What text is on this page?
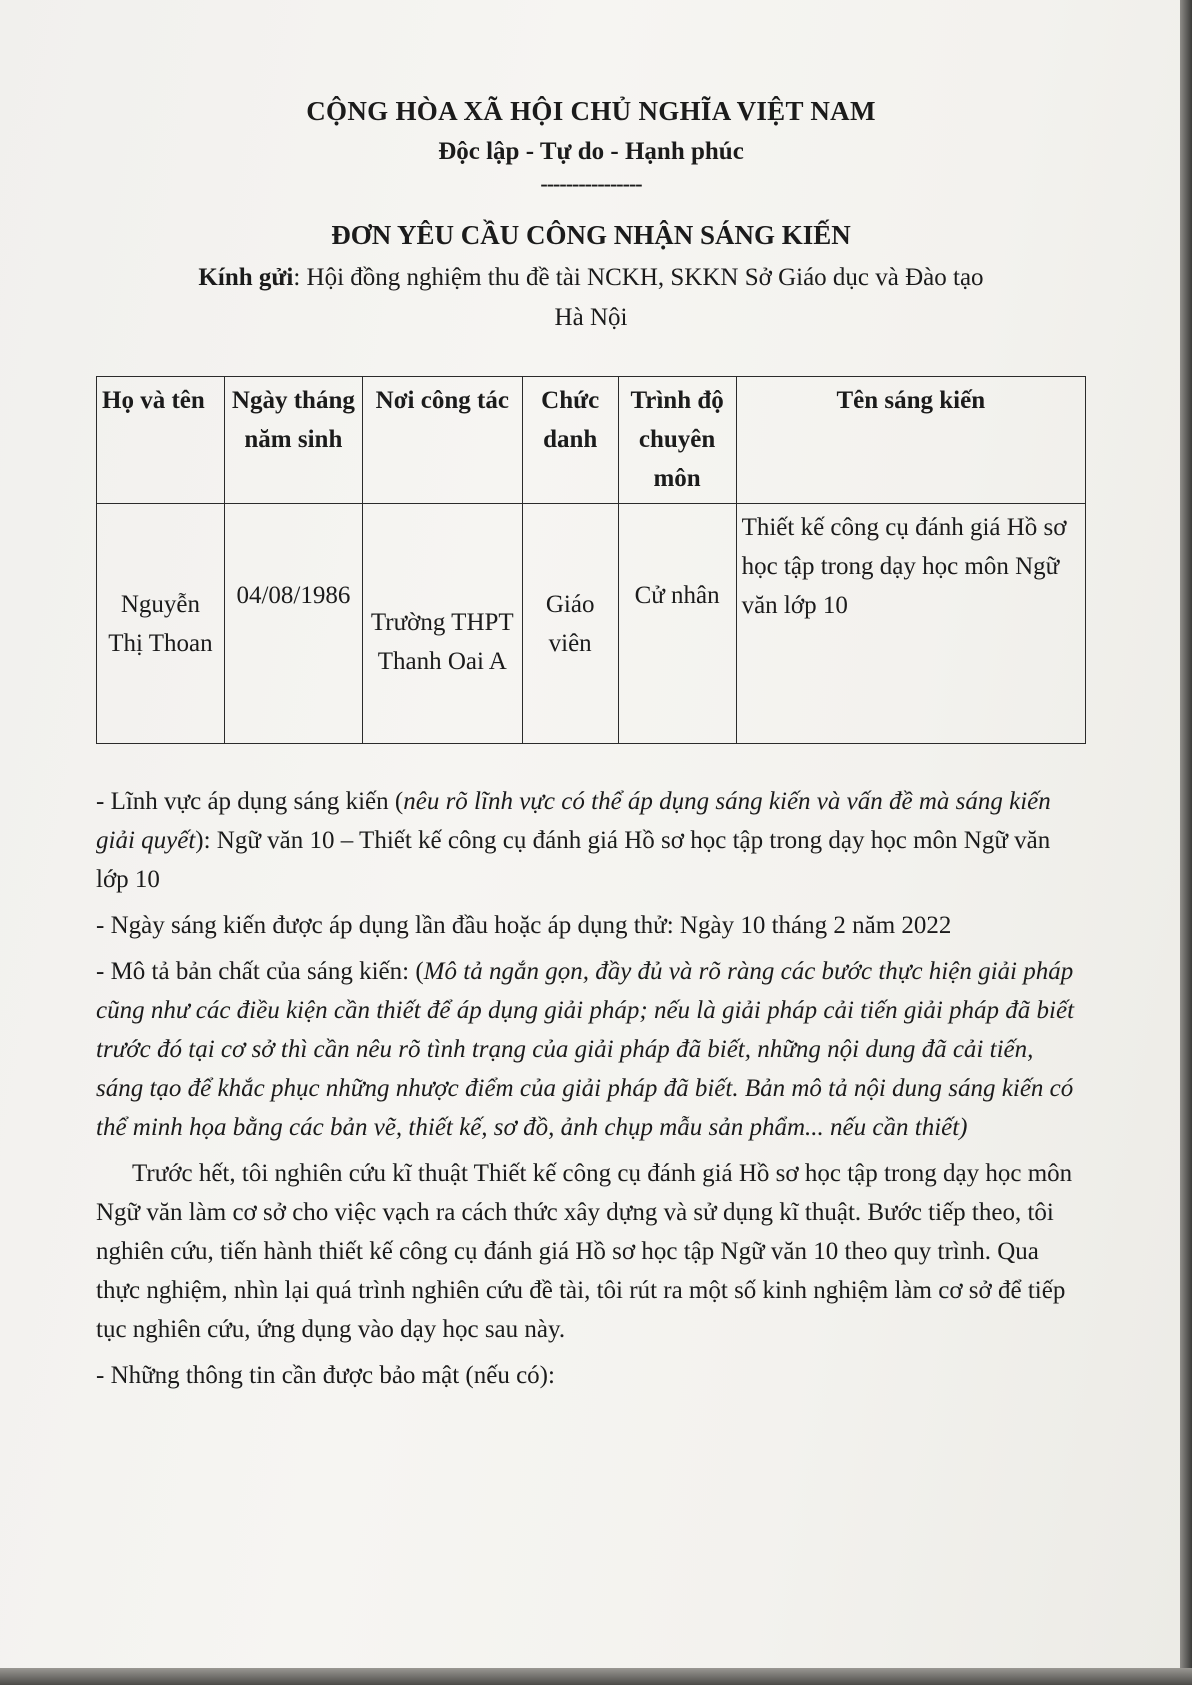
CỘNG HÒA XÃ HỘI CHỦ NGHĨA VIỆT NAM

Độc lập - Tự do - Hạnh phúc

----------------

ĐƠN YÊU CẦU CÔNG NHẬN SÁNG KIẾN

Kính gửi: Hội đồng nghiệm thu đề tài NCKH, SKKN Sở Giáo dục và Đào tạo
Hà Nội

Họ và tên	Ngày tháng năm sinh	Nơi công tác	Chức danh	Trình độ chuyên môn	Tên sáng kiến
Nguyễn Thị Thoan	04/08/1986	Trường THPT Thanh Oai A	Giáo viên	Cử nhân	Thiết kế công cụ đánh giá Hồ sơ học tập trong dạy học môn Ngữ văn lớp 10

- Lĩnh vực áp dụng sáng kiến (nêu rõ lĩnh vực có thể áp dụng sáng kiến và vấn đề mà sáng kiến giải quyết): Ngữ văn 10 – Thiết kế công cụ đánh giá Hồ sơ học tập trong dạy học môn Ngữ văn lớp 10

- Ngày sáng kiến được áp dụng lần đầu hoặc áp dụng thử: Ngày 10 tháng 2 năm 2022

- Mô tả bản chất của sáng kiến: (Mô tả ngắn gọn, đầy đủ và rõ ràng các bước thực hiện giải pháp cũng như các điều kiện cần thiết để áp dụng giải pháp; nếu là giải pháp cải tiến giải pháp đã biết trước đó tại cơ sở thì cần nêu rõ tình trạng của giải pháp đã biết, những nội dung đã cải tiến, sáng tạo để khắc phục những nhược điểm của giải pháp đã biết. Bản mô tả nội dung sáng kiến có thể minh họa bằng các bản vẽ, thiết kế, sơ đồ, ảnh chụp mẫu sản phẩm... nếu cần thiết)

Trước hết, tôi nghiên cứu kĩ thuật Thiết kế công cụ đánh giá Hồ sơ học tập trong dạy học môn Ngữ văn làm cơ sở cho việc vạch ra cách thức xây dựng và sử dụng kĩ thuật. Bước tiếp theo, tôi nghiên cứu, tiến hành thiết kế công cụ đánh giá Hồ sơ học tập Ngữ văn 10 theo quy trình. Qua thực nghiệm, nhìn lại quá trình nghiên cứu đề tài, tôi rút ra một số kinh nghiệm làm cơ sở để tiếp tục nghiên cứu, ứng dụng vào dạy học sau này.

- Những thông tin cần được bảo mật (nếu có):
